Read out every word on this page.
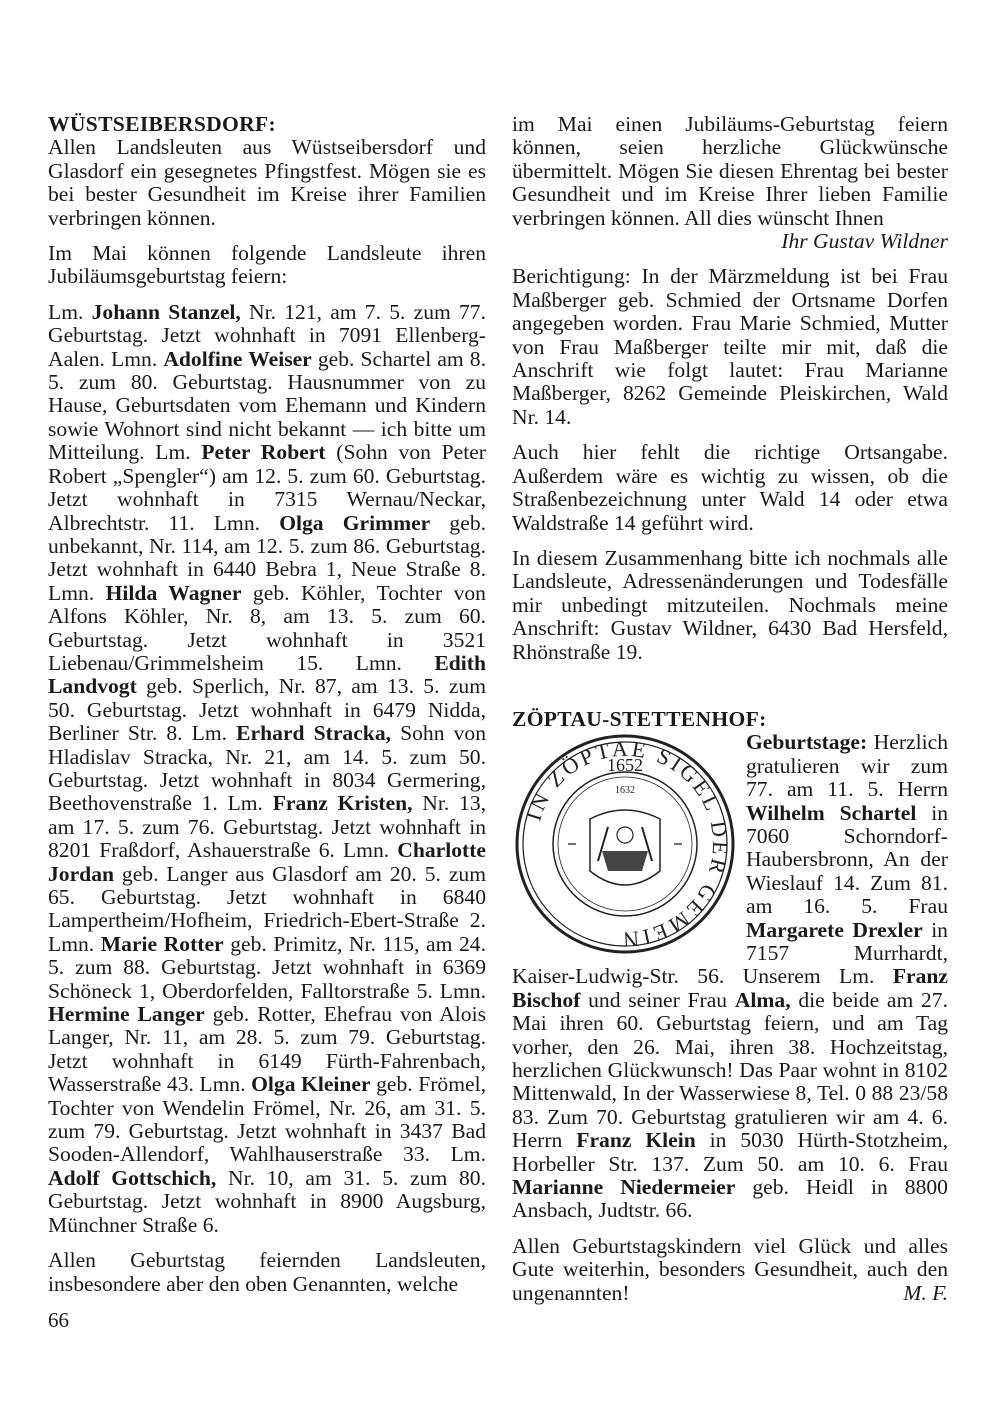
WÜSTSEIBERSDORF:

Allen Landsleuten aus Wüstseibersdorf und Glasdorf ein gesegnetes Pfingstfest. Mögen sie es bei bester Gesundheit im Kreise ihrer Familien verbringen können.

Im Mai können folgende Landsleute ihren Jubiläumsgeburtstag feiern:

Lm. Johann Stanzel, Nr. 121, am 7. 5. zum 77. Geburtstag. Jetzt wohnhaft in 7091 Ellenberg-Aalen. Lmn. Adolfine Weiser geb. Schartel am 8. 5. zum 80. Geburtstag. Hausnummer von zu Hause, Geburtsdaten vom Ehemann und Kindern sowie Wohnort sind nicht bekannt — ich bitte um Mitteilung. Lm. Peter Robert (Sohn von Peter Robert „Spengler“) am 12. 5. zum 60. Geburtstag. Jetzt wohnhaft in 7315 Wernau/Neckar, Albrechtstr. 11. Lmn. Olga Grimmer geb. unbekannt, Nr. 114, am 12. 5. zum 86. Geburtstag. Jetzt wohnhaft in 6440 Bebra 1, Neue Straße 8. Lmn. Hilda Wagner geb. Köhler, Tochter von Alfons Köhler, Nr. 8, am 13. 5. zum 60. Geburtstag. Jetzt wohnhaft in 3521 Liebenau/Grimmelsheim 15. Lmn. Edith Landvogt geb. Sperlich, Nr. 87, am 13. 5. zum 50. Geburtstag. Jetzt wohnhaft in 6479 Nidda, Berliner Str. 8. Lm. Erhard Stracka, Sohn von Hladislav Stracka, Nr. 21, am 14. 5. zum 50. Geburtstag. Jetzt wohnhaft in 8034 Germering, Beethovenstraße 1. Lm. Franz Kristen, Nr. 13, am 17. 5. zum 76. Geburtstag. Jetzt wohnhaft in 8201 Fraßdorf, Ashauerstraße 6. Lmn. Charlotte Jordan geb. Langer aus Glasdorf am 20. 5. zum 65. Geburtstag. Jetzt wohnhaft in 6840 Lampertheim/Hofheim, Friedrich-Ebert-Straße 2. Lmn. Marie Rotter geb. Primitz, Nr. 115, am 24. 5. zum 88. Geburtstag. Jetzt wohnhaft in 6369 Schöneck 1, Oberdorfelden, Falltorstraße 5. Lmn. Hermine Langer geb. Rotter, Ehefrau von Alois Langer, Nr. 11, am 28. 5. zum 79. Geburtstag. Jetzt wohnhaft in 6149 Fürth-Fahrenbach, Wasserstraße 43. Lmn. Olga Kleiner geb. Frömel, Tochter von Wendelin Frömel, Nr. 26, am 31. 5. zum 79. Geburtstag. Jetzt wohnhaft in 3437 Bad Sooden-Allendorf, Wahlhauserstraße 33. Lm. Adolf Gottschich, Nr. 10, am 31. 5. zum 80. Geburtstag. Jetzt wohnhaft in 8900 Augsburg, Münchner Straße 6.

Allen Geburtstag feiernden Landsleuten, insbesondere aber den oben Genannten, welche

im Mai einen Jubiläums-Geburtstag feiern können, seien herzliche Glückwünsche übermittelt. Mögen Sie diesen Ehrentag bei bester Gesundheit und im Kreise Ihrer lieben Familie verbringen können. All dies wünscht Ihnen

Ihr Gustav Wildner

Berichtigung: In der Märzmeldung ist bei Frau Maßberger geb. Schmied der Ortsname Dorfen angegeben worden. Frau Marie Schmied, Mutter von Frau Maßberger teilte mir mit, daß die Anschrift wie folgt lautet: Frau Marianne Maßberger, 8262 Gemeinde Pleiskirchen, Wald Nr. 14.

Auch hier fehlt die richtige Ortsangabe. Außerdem wäre es wichtig zu wissen, ob die Straßenbezeichnung unter Wald 14 oder etwa Waldstraße 14 geführt wird.

In diesem Zusammenhang bitte ich nochmals alle Landsleute, Adressenänderungen und Todesfälle mir unbedingt mitzuteilen. Nochmals meine Anschrift: Gustav Wildner, 6430 Bad Hersfeld, Rhönstraße 19.

ZÖPTAU-STETTENHOF:
IN ZÖPTAE SIGEL DER GEMEIN
1652
1632

Geburtstage: Herzlich gratulieren wir zum 77. am 11. 5. Herrn Wilhelm Schartel in 7060 Schorndorf-Haubersbronn, An der Wieslauf 14. Zum 81. am 16. 5. Frau Margarete Drexler in 7157 Murrhardt, Kaiser-Ludwig-Str. 56. Unserem Lm. Franz Bischof und seiner Frau Alma, die beide am 27. Mai ihren 60. Geburtstag feiern, und am Tag vorher, den 26. Mai, ihren 38. Hochzeitstag, herzlichen Glückwunsch! Das Paar wohnt in 8102 Mittenwald, In der Wasserwiese 8, Tel. 0 88 23/58 83. Zum 70. Geburtstag gratulieren wir am 4. 6. Herrn Franz Klein in 5030 Hürth-Stotzheim, Horbeller Str. 137. Zum 50. am 10. 6. Frau Marianne Niedermeier geb. Heidl in 8800 Ansbach, Judtstr. 66.

Allen Geburtstagskindern viel Glück und alles Gute weiterhin, besonders Gesundheit, auch den ungenannten!	M. F.

66
